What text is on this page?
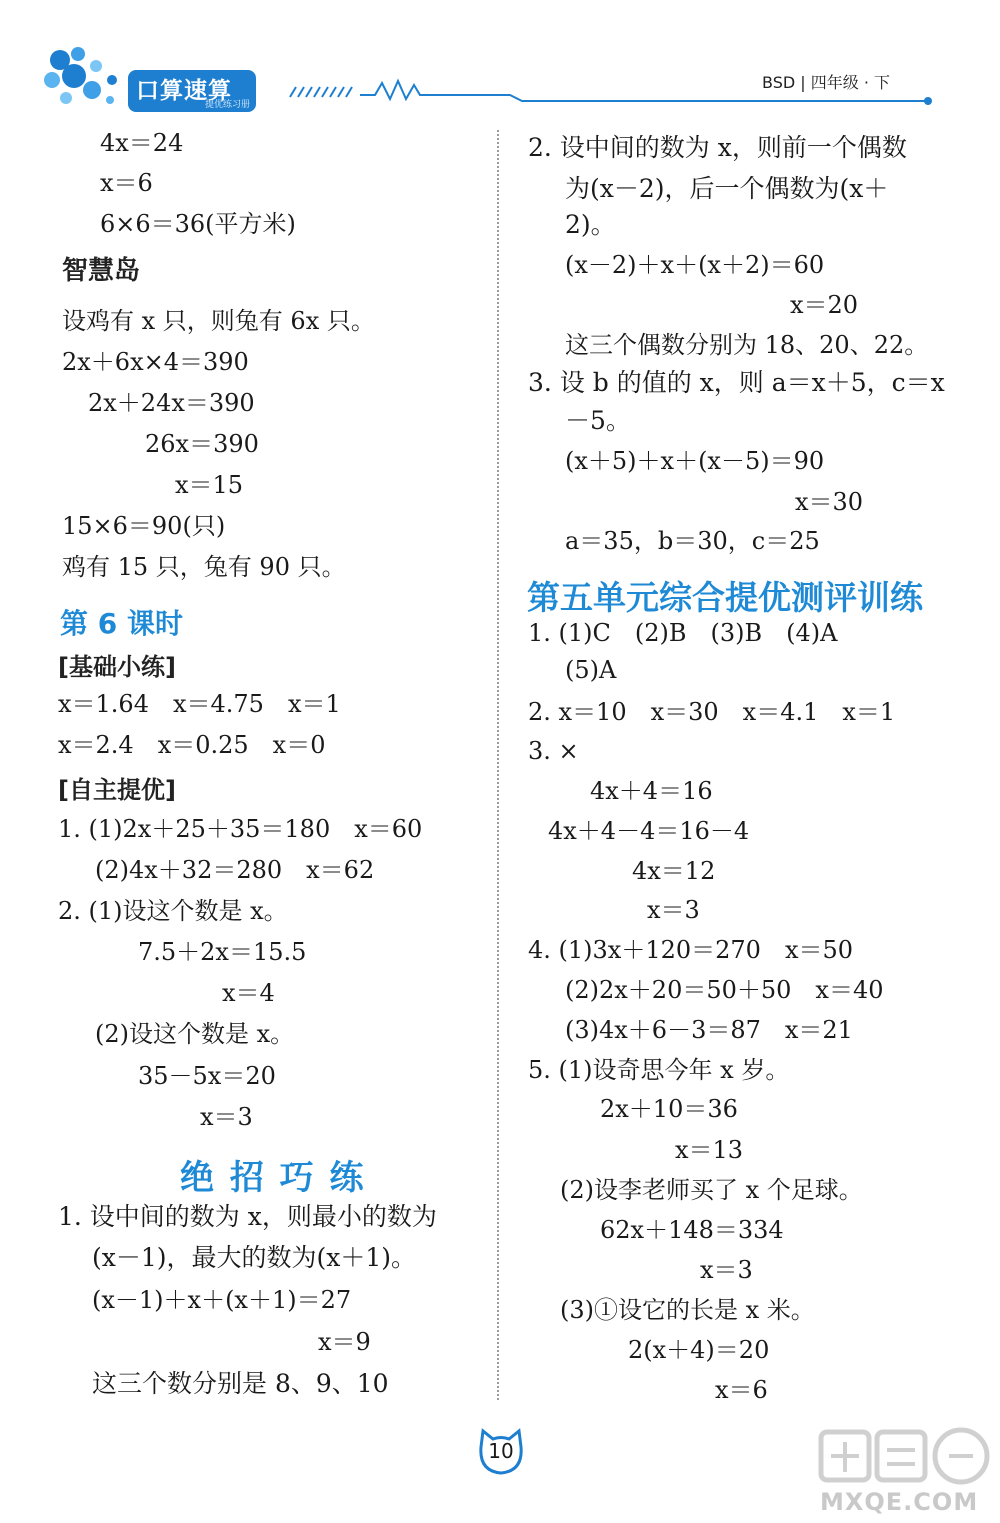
口算速算
提优练习册
BSD | 四年级 · 下
4x＝24
x＝6
6×6＝36(平方米)
智慧岛
设鸡有 x 只，则兔有 6x 只。
2x＋6x×4＝390
2x＋24x＝390
26x＝390
x＝15
15×6＝90(只)
鸡有 15 只，兔有 90 只。
第 6 课时
[基础小练]
x＝1.64　x＝4.75　x＝1
x＝2.4　x＝0.25　x＝0
[自主提优]
1. (1)2x＋25＋35＝180　x＝60
(2)4x＋32＝280　x＝62
2. (1)设这个数是 x。
7.5＋2x＝15.5
x＝4
(2)设这个数是 x。
35－5x＝20
x＝3
绝 招 巧 练
1. 设中间的数为 x，则最小的数为
(x－1)，最大的数为(x＋1)。
(x－1)＋x＋(x＋1)＝27
x＝9
这三个数分别是 8、9、10
2. 设中间的数为 x，则前一个偶数
为(x－2)，后一个偶数为(x＋
2)。
(x－2)＋x＋(x＋2)＝60
x＝20
这三个偶数分别为 18、20、22。
3. 设 b 的值的 x，则 a＝x＋5，c＝x
－5。
(x＋5)＋x＋(x－5)＝90
x＝30
a＝35，b＝30，c＝25
第五单元综合提优测评训练
1. (1)C　(2)B　(3)B　(4)A
(5)A
2. x＝10　x＝30　x＝4.1　x＝1
3. ×
4x＋4＝16
4x＋4－4＝16－4
4x＝12
x＝3
4. (1)3x＋120＝270　x＝50
(2)2x＋20＝50＋50　x＝40
(3)4x＋6－3＝87　x＝21
5. (1)设奇思今年 x 岁。
2x＋10＝36
x＝13
(2)设李老师买了 x 个足球。
62x＋148＝334
x＝3
(3)①设它的长是 x 米。
2(x＋4)＝20
x＝6
10
MXQE.COM
